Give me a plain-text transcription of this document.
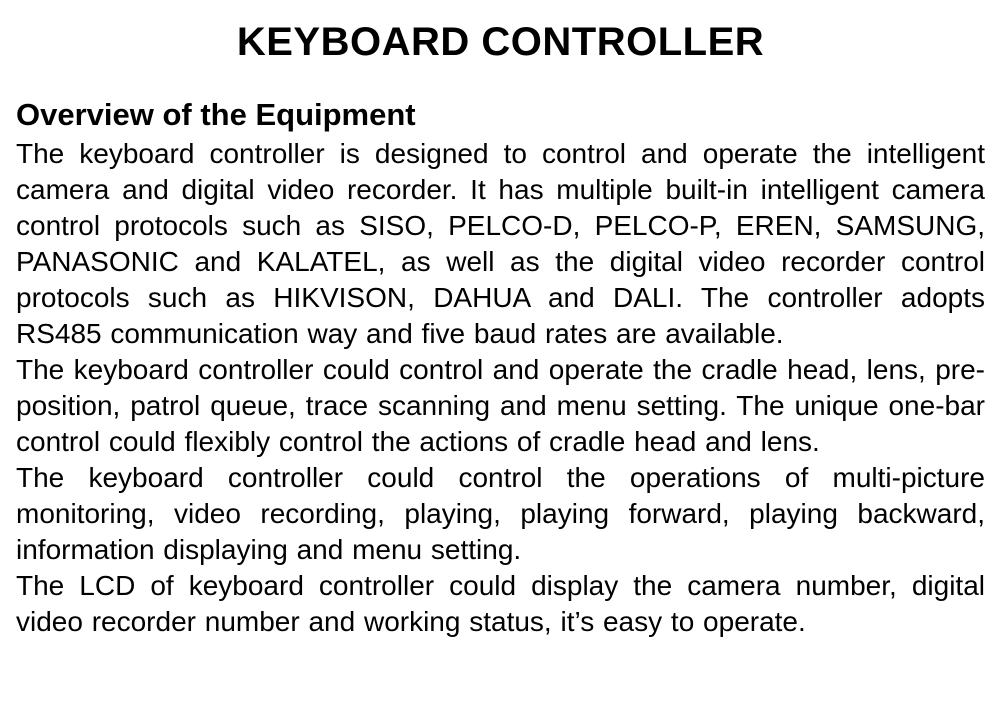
KEYBOARD CONTROLLER
Overview of the Equipment

The keyboard controller is designed to control and operate the intelligent camera and digital video recorder. It has multiple built-in intelligent camera control protocols such as SISO, PELCO-D, PELCO-P, EREN, SAMSUNG, PANASONIC and KALATEL, as well as the digital video recorder control protocols such as HIKVISON, DAHUA and DALI. The controller adopts RS485 communication way and five baud rates are available.

The keyboard controller could control and operate the cradle head, lens, pre-position, patrol queue, trace scanning and menu setting. The unique one-bar control could flexibly control the actions of cradle head and lens.

The keyboard controller could control the operations of multi-picture monitoring, video recording, playing, playing forward, playing backward, information displaying and menu setting.

The LCD of keyboard controller could display the camera number, digital video recorder number and working status, it’s easy to operate.
